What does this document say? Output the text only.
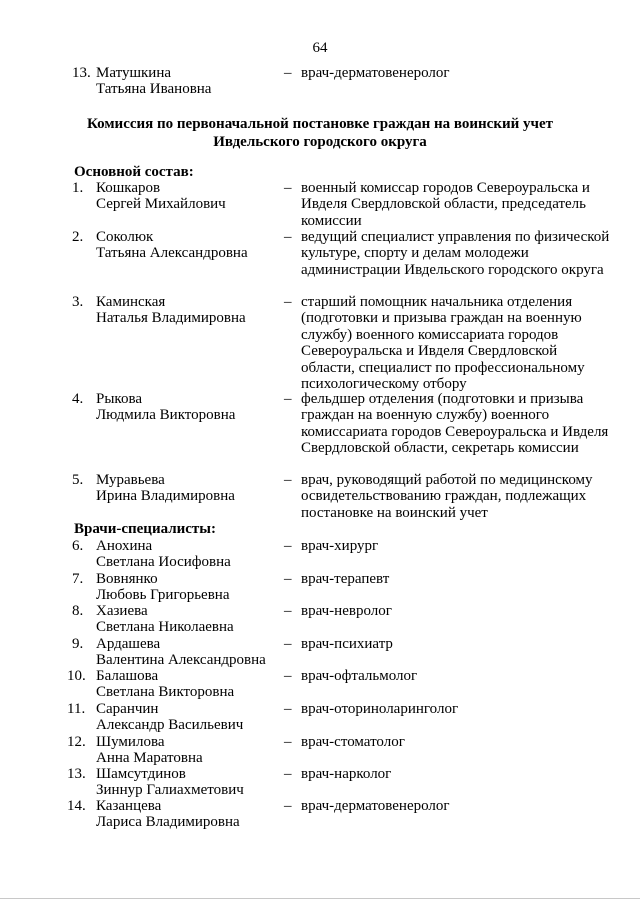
64
13. Матушкина
Татьяна Ивановна
– врач-дерматовенеролог
Комиссия по первоначальной постановке граждан на воинский учет
Ивдельского городского округа
Основной состав:
1. Кошкаров
Сергей Михайлович
– военный комиссар городов Североуральска и Ивделя Свердловской области, председатель комиссии
2. Соколюк
Татьяна Александровна
– ведущий специалист управления по физической культуре, спорту и делам молодежи администрации Ивдельского городского округа
3. Каминская
Наталья Владимировна
– старший помощник начальника отделения (подготовки и призыва граждан на военную службу) военного комиссариата городов Североуральска и Ивделя Свердловской области, специалист по профессиональному психологическому отбору
4. Рыкова
Людмила Викторовна
– фельдшер отделения (подготовки и призыва граждан на военную службу) военного комиссариата городов Североуральска и Ивделя Свердловской области, секретарь комиссии
5. Муравьева
Ирина Владимировна
– врач, руководящий работой по медицинскому освидетельствованию граждан, подлежащих постановке на воинский учет
Врачи-специалисты:
6. Анохина
Светлана Иосифовна
– врач-хирург
7. Вовнянко
Любовь Григорьевна
– врач-терапевт
8. Хазиева
Светлана Николаевна
– врач-невролог
9. Ардашева
Валентина Александровна
– врач-психиатр
10. Балашова
Светлана Викторовна
– врач-офтальмолог
11. Саранчин
Александр Васильевич
– врач-оториноларинголог
12. Шумилова
Анна Маратовна
– врач-стоматолог
13. Шамсутдинов
Зиннур Галиахметович
– врач-нарколог
14. Казанцева
Лариса Владимировна
– врач-дерматовенеролог
